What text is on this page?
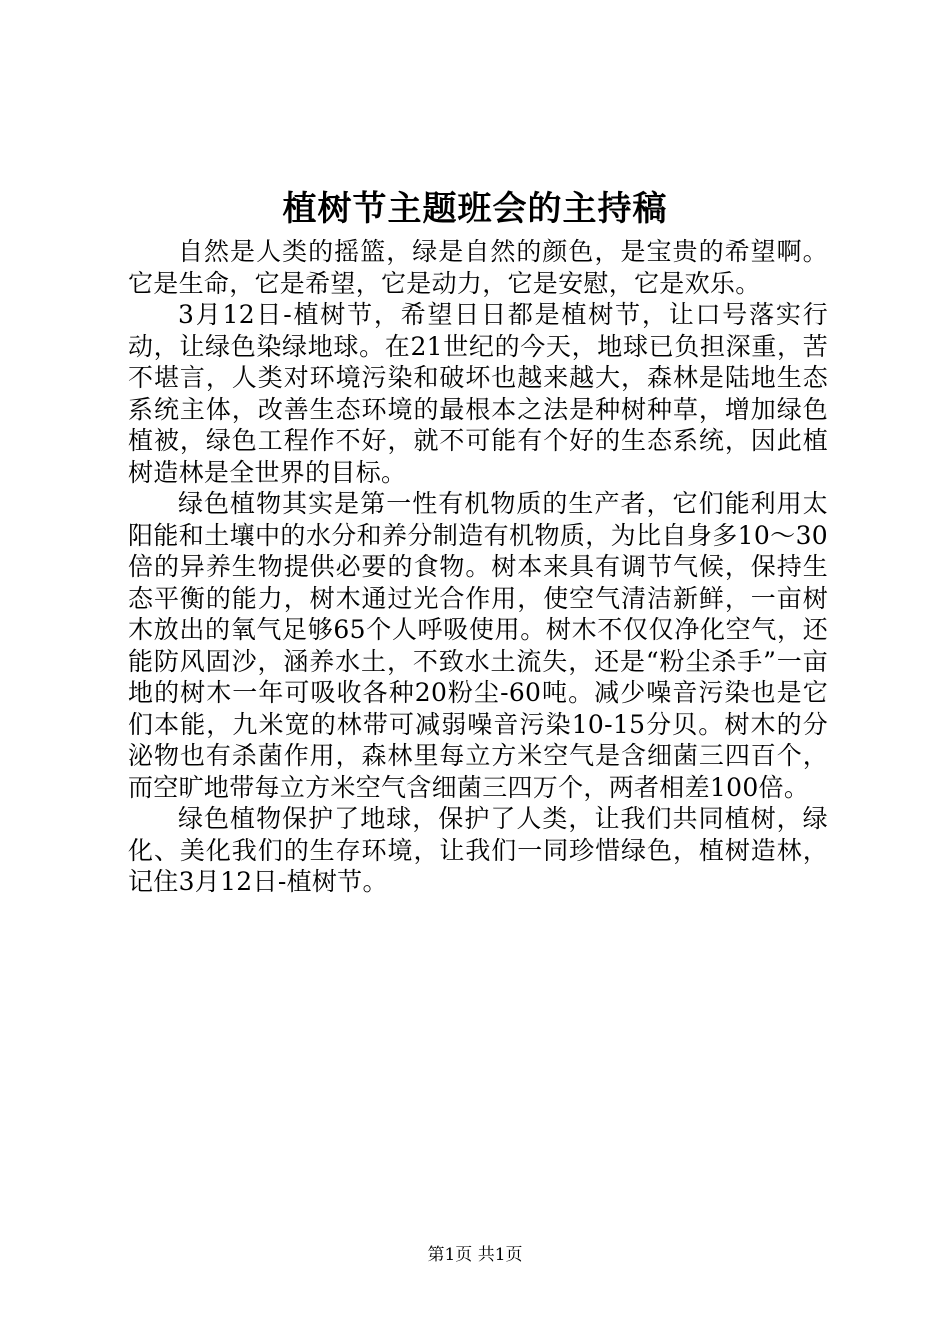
植树节主题班会的主持稿

自然是人类的摇篮，绿是自然的颜色，是宝贵的希望啊。它是生命，它是希望，它是动力，它是安慰，它是欢乐。

3月12日-植树节，希望日日都是植树节，让口号落实行动，让绿色染绿地球。在21世纪的今天，地球已负担深重，苦不堪言，人类对环境污染和破坏也越来越大，森林是陆地生态系统主体，改善生态环境的最根本之法是种树种草，增加绿色植被，绿色工程作不好，就不可能有个好的生态系统，因此植树造林是全世界的目标。

绿色植物其实是第一性有机物质的生产者，它们能利用太阳能和土壤中的水分和养分制造有机物质，为比自身多10～30倍的异养生物提供必要的食物。树本来具有调节气候，保持生态平衡的能力，树木通过光合作用，使空气清洁新鲜，一亩树木放出的氧气足够65个人呼吸使用。树木不仅仅净化空气，还能防风固沙，涵养水土，不致水土流失，还是“粉尘杀手”一亩地的树木一年可吸收各种20粉尘-60吨。减少噪音污染也是它们本能，九米宽的林带可减弱噪音污染10-15分贝。树木的分泌物也有杀菌作用，森林里每立方米空气是含细菌三四百个，而空旷地带每立方米空气含细菌三四万个，两者相差100倍。

绿色植物保护了地球，保护了人类，让我们共同植树，绿化、美化我们的生存环境，让我们一同珍惜绿色，植树造林，记住3月12日-植树节。

第1页 共1页
